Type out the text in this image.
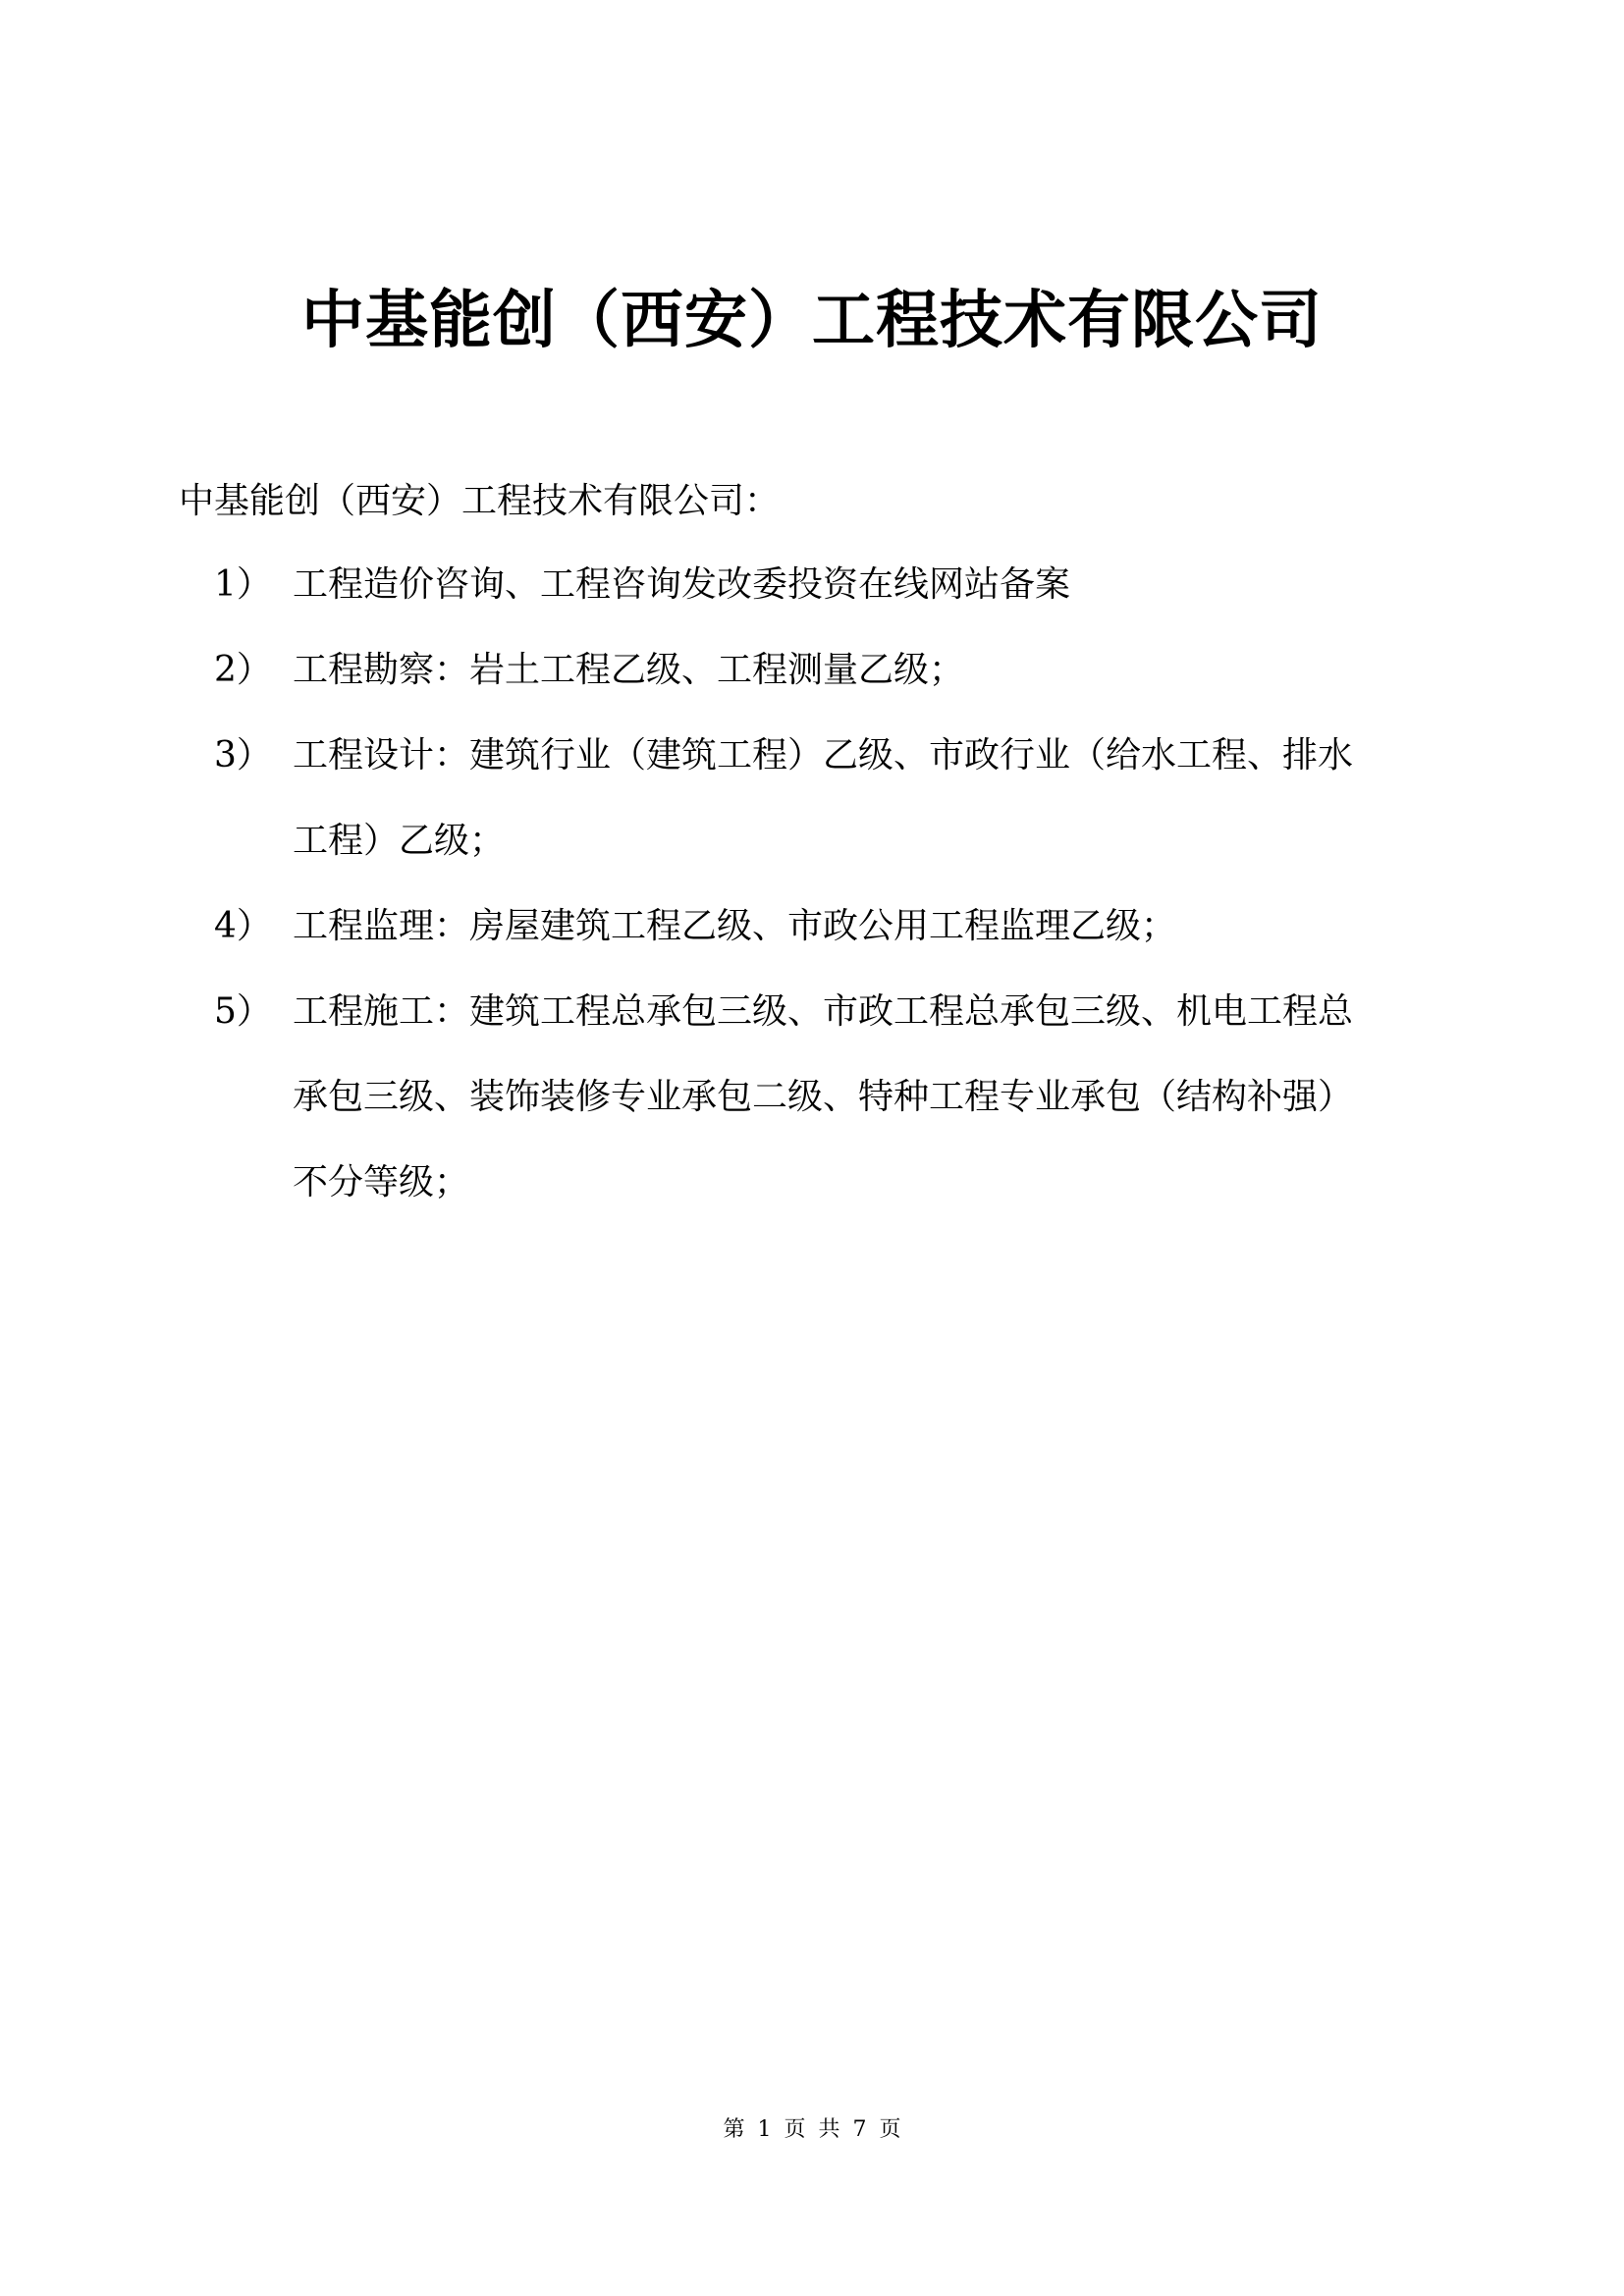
中基能创（西安）工程技术有限公司

中基能创（西安）工程技术有限公司：

1） 工程造价咨询、工程咨询发改委投资在线网站备案
2） 工程勘察：岩土工程乙级、工程测量乙级；
3） 工程设计：建筑行业（建筑工程）乙级、市政行业（给水工程、排水
工程）乙级；
4） 工程监理：房屋建筑工程乙级、市政公用工程监理乙级；
5） 工程施工：建筑工程总承包三级、市政工程总承包三级、机电工程总
承包三级、装饰装修专业承包二级、特种工程专业承包（结构补强）
不分等级；
第 1 页 共 7 页
